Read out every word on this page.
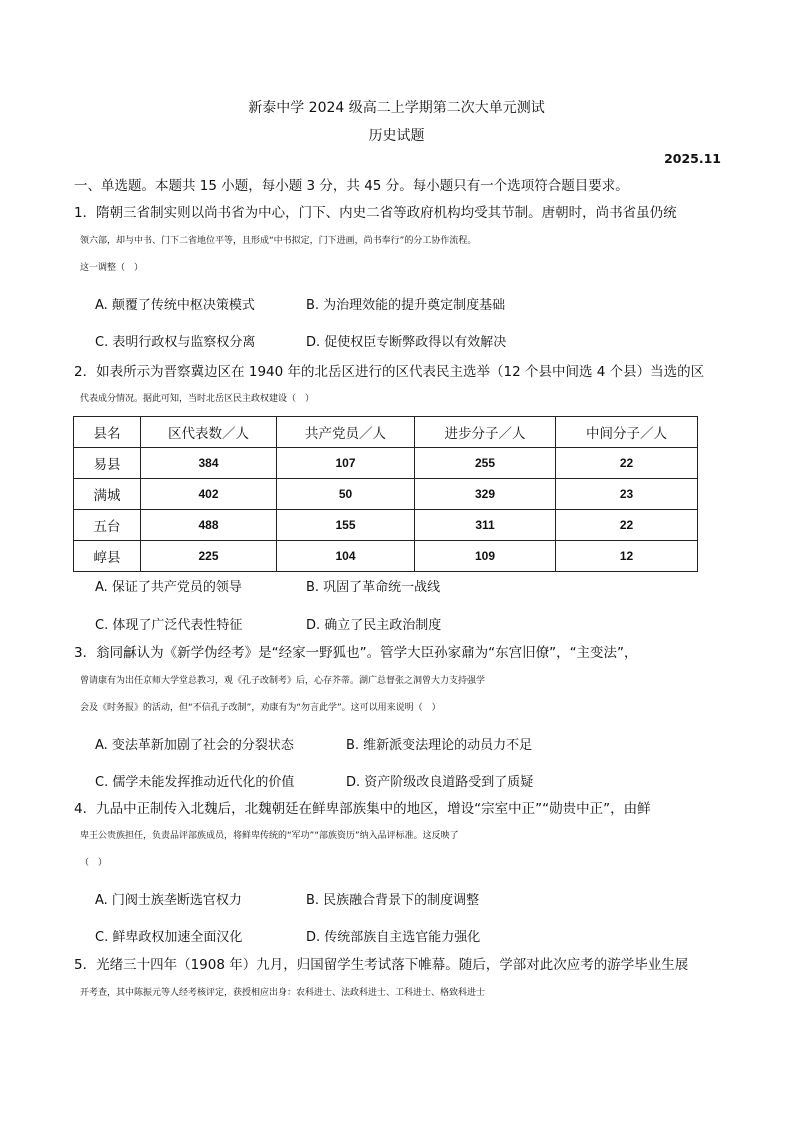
新泰中学 2024 级高二上学期第二次大单元测试
历史试题
2025.11
一、单选题。本题共 15 小题，每小题 3 分，共 45 分。每小题只有一个选项符合题目要求。
1．隋朝三省制实则以尚书省为中心，门下、内史二省等政府机构均受其节制。唐朝时，尚书省虽仍统
领六部，却与中书、门下二省地位平等，且形成“中书拟定，门下进画，尚书奉行”的分工协作流程。
这一调整（　）
A. 颠覆了传统中枢决策模式	B. 为治理效能的提升奠定制度基础
C. 表明行政权与监察权分离	D. 促使权臣专断弊政得以有效解决
2．如表所示为晋察冀边区在 1940 年的北岳区进行的区代表民主选举（12 个县中间选 4 个县）当选的区
代表成分情况。据此可知，当时北岳区民主政权建设（　）
县名	区代表数／人	共产党员／人	进步分子／人	中间分子／人
易县	384	107	255	22
满城	402	50	329	23
五台	488	155	311	22
崞县	225	104	109	12
A. 保证了共产党员的领导	B. 巩固了革命统一战线
C. 体现了广泛代表性特征	D. 确立了民主政治制度
3．翁同龢认为《新学伪经考》是“经家一野狐也”。管学大臣孙家鼐为“东宫旧僚”，“主变法”，
曾请康有为出任京师大学堂总教习，观《孔子改制考》后，心存芥蒂。湖广总督张之洞曾大力支持强学
会及《时务报》的活动，但“不信孔子改制”，劝康有为“勿言此学”。这可以用来说明（　）
A. 变法革新加剧了社会的分裂状态	B. 维新派变法理论的动员力不足
C. 儒学未能发挥推动近代化的价值	D. 资产阶级改良道路受到了质疑
4．九品中正制传入北魏后，北魏朝廷在鲜卑部族集中的地区，增设“宗室中正”“勋贵中正”，由鲜
卑王公贵族担任，负责品评部族成员，将鲜卑传统的“军功”“部族资历”纳入品评标准。这反映了
（　）
A. 门阀士族垄断选官权力	B. 民族融合背景下的制度调整
C. 鲜卑政权加速全面汉化	D. 传统部族自主选官能力强化
5．光绪三十四年（1908 年）九月，归国留学生考试落下帷幕。随后，学部对此次应考的游学毕业生展
开考查，其中陈振元等人经考核评定，获授相应出身：农科进士、法政科进士、工科进士、格致科进士
